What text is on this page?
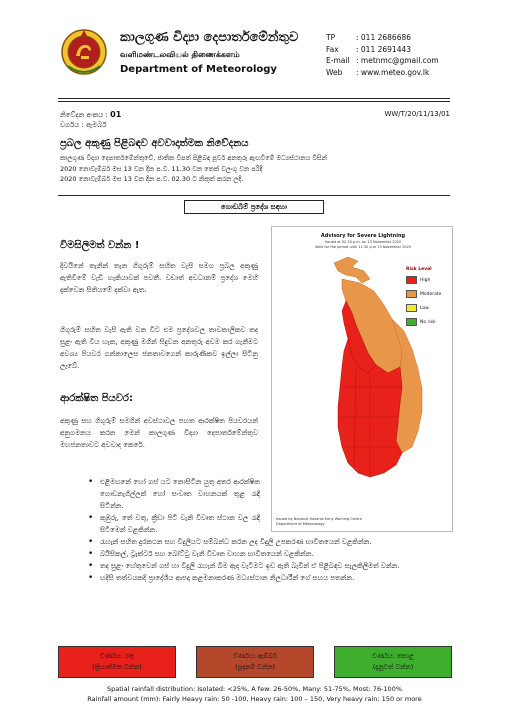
කාලගුණ විද්‍යා දෙපාර්තමේන්තුව
வளிமண்டலவியல் திணைக்களம்
Department of Meteorology
TP	: 011 2686686
Fax : 011 2691443
E-mail : metnmc@gmail.com
Web : www.meteo.gov.lk
නිවේදන අංකය : 01	WW/T/20/11/13/01
වර්ගය : ඇමබර්
ප්‍රබල අකුණු පිළිබඳව අවවාදාත්මක නිවේදනය
කාලගුණ විද්‍යා දෙපාර්තමේන්තුවේ, ජාතික විපත් පිළිබඳ පූර්ව අනතුරු ඇඟවීමේ මධ්‍යස්ථානය විසින්
2020 නොවැම්බර් මස 13 වන දින ප.ව. 11.30 වන තෙක් වලංගු වන පරිදි
2020 නොවැම්බර් මස 13 වන දින ප.ව. 02.30 ට නිකුත් කරන ලදි.
ගොඩබිම් ප්‍රදේශ සඳහා
විමසිලිමත් වන්න !
දිවයිනේ තැනින් තැන ගිගුරුම් සහිත වැසි සමග ප්‍රබල අකුණු ඇතිවීමේ වැඩි හැකියාවක් පවතී. වඩාත් අවධානම් ප්‍රදේශ මෙහි දැක්වෙන සිතියමේ දක්වා ඇත.
ගිගුරුම් සහිත වැසි ඇති වන විට එම ප්‍රදේශවල තාවකාලිකව තද සුළං ඇති විය හැක, අකුණු මගින් සිදුවන අනතුරු අවම කර ගැනීමට අවශ්‍ය පියවර ගන්නාලෙස ජනතාවගෙන් කාරුණිකව ඉල්ලා සිටිනු ලැබේ.
ආරක්ෂිත පියවර:
අකුණු සහ ගිගුරුම් සමගින් අවස්ථාවල පහත ආරක්ෂිත පියවරයන් අනුගමනය කරන මෙන් කාලගුණ විද්‍යා දෙපාර්තමේන්තුව මහජනතාවට අවවාද කෙරේ.
Advisory for Severe Lightning
Issued at 02.30 p.m. on 13 November 2020
Valid for the period until 11.30 p.m 13 November 2020
Risk Level
High
Moderate
Low
No risk
Issued by National Hazards Early Warning Centre
Department of Meteorology
• එළිමහනේ හෝ ගස් යට නොසිටින යුතු අතර ආරක්ෂිත ගොඩනැගිල්ලක් හෝ සංවෘත වාහනයක් තුළ රැඳී සිටින්න.
• කුඹුරු, තේ වතු, ක්‍රීඩා පිටි වැනි විවෘත ස්ථාන වල රැඳී සිටීමෙන් වළකින්න.
• රැහැන් සහිත දුරකථන සහ විදුලියට සම්බන්ධ කරන ලද විදුලි උපකරණ භාවිතයෙන් වළකින්න.
• බයිසිකල්, ට්‍රැක්ටර් සහ බෝට්ටු වැනි විවෘත වාහන භාවිතයෙන් වළකින්න.
• තද සුළං හේතුවෙන් ගස් හා විදුලි රැහැන් බිම ඇද වැටීමට ඉඩ ඇති බැවින් ඒ පිළිබඳව සැලකිලිමත් වන්න.
• හදිසි තත්වයකදී ප්‍රාදේශීය ආපදා කළමනාකරණ මධ්‍යස්ථාන නිලධාරීන් ගේ සහය පතන්න.
වර්ණය: රතු
(ක්‍රියාත්මක වන්න)
වර්ණය: ඇම්බර්
(සූදානම් වන්න)
වර්ණය: කොළ
(දැනුවත් වන්න)
Spatial rainfall distribution: Isolated: <25%, A few: 26-50%, Many: 51-75%, Most: 76-100%
Rainfall amount (mm): Fairly Heavy rain: 50 -100, Heavy rain: 100 – 150, Very heavy rain: 150 or more
